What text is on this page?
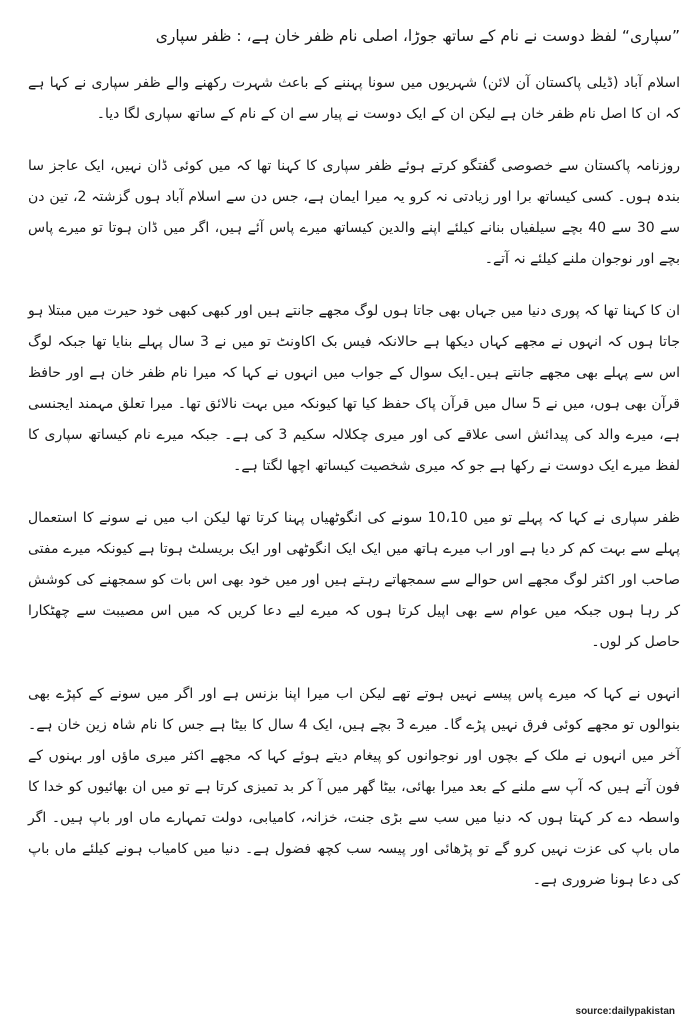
”سپاری“ لفظ دوست نے نام کے ساتھ جوڑا، اصلی نام ظفر خان ہے، : ظفر سپاری

اسلام آباد (ڈیلی پاکستان آن لائن) شہریوں میں سونا پہننے کے باعث شہرت رکھنے والے ظفر سپاری نے کہا ہے کہ ان کا اصل نام ظفر خان ہے لیکن ان کے ایک دوست نے پیار سے ان کے نام کے ساتھ سپاری لگا دیا۔

روزنامہ پاکستان سے خصوصی گفتگو کرتے ہوئے ظفر سپاری کا کہنا تھا کہ میں کوئی ڈان نہیں، ایک عاجز سا بندہ ہوں۔ کسی کیساتھ برا اور زیادتی نہ کرو یہ میرا ایمان ہے، جس دن سے اسلام آباد ہوں گزشتہ 2، تین دن سے 30 سے 40 بچے سیلفیاں بنانے کیلئے اپنے والدین کیساتھ میرے پاس آئے ہیں، اگر میں ڈان ہوتا تو میرے پاس بچے اور نوجوان ملنے کیلئے نہ آتے۔

ان کا کہنا تھا کہ پوری دنیا میں جہاں بھی جاتا ہوں لوگ مجھے جانتے ہیں اور کبھی کبھی خود حیرت میں مبتلا ہو جاتا ہوں کہ انہوں نے مجھے کہاں دیکھا ہے حالانکہ فیس بک اکاونٹ تو میں نے 3 سال پہلے بنایا تھا جبکہ لوگ اس سے پہلے بھی مجھے جانتے ہیں۔ایک سوال کے جواب میں انہوں نے کہا کہ میرا نام ظفر خان ہے اور حافظ قرآن بھی ہوں، میں نے 5 سال میں قرآن پاک حفظ کیا تھا کیونکہ میں بہت نالائق تھا۔ میرا تعلق مہمند ایجنسی ہے، میرے والد کی پیدائش اسی علاقے کی اور میری چکلالہ سکیم 3 کی ہے۔ جبکہ میرے نام کیساتھ سپاری کا لفظ میرے ایک دوست نے رکھا ہے جو کہ میری شخصیت کیساتھ اچھا لگتا ہے۔

ظفر سپاری نے کہا کہ پہلے تو میں 10،10 سونے کی انگوٹھیاں پہنا کرتا تھا لیکن اب میں نے سونے کا استعمال پہلے سے بہت کم کر دیا ہے اور اب میرے ہاتھ میں ایک ایک انگوٹھی اور ایک بریسلٹ ہوتا ہے کیونکہ میرے مفتی صاحب اور اکثر لوگ مجھے اس حوالے سے سمجھاتے رہتے ہیں اور میں خود بھی اس بات کو سمجھنے کی کوشش کر رہا ہوں جبکہ میں عوام سے بھی اپیل کرتا ہوں کہ میرے لیے دعا کریں کہ میں اس مصیبت سے چھٹکارا حاصل کر لوں۔

انہوں نے کہا کہ میرے پاس پیسے نہیں ہوتے تھے لیکن اب میرا اپنا بزنس ہے اور اگر میں سونے کے کپڑے بھی بنوالوں تو مجھے کوئی فرق نہیں پڑے گا۔ میرے 3 بچے ہیں، ایک 4 سال کا بیٹا ہے جس کا نام شاہ زین خان ہے۔ آخر میں انہوں نے ملک کے بچوں اور نوجوانوں کو پیغام دیتے ہوئے کہا کہ مجھے اکثر میری ماؤں اور بہنوں کے فون آتے ہیں کہ آپ سے ملنے کے بعد میرا بھائی، بیٹا گھر میں آ کر بد تمیزی کرتا ہے تو میں ان بھائیوں کو خدا کا واسطہ دے کر کہتا ہوں کہ دنیا میں سب سے بڑی جنت، خزانہ، کامیابی، دولت تمہارے ماں اور باپ ہیں۔ اگر ماں باپ کی عزت نہیں کرو گے تو پڑھائی اور پیسہ سب کچھ فضول ہے۔ دنیا میں کامیاب ہونے کیلئے ماں باپ کی دعا ہونا ضروری ہے۔

source:dailypakistan
